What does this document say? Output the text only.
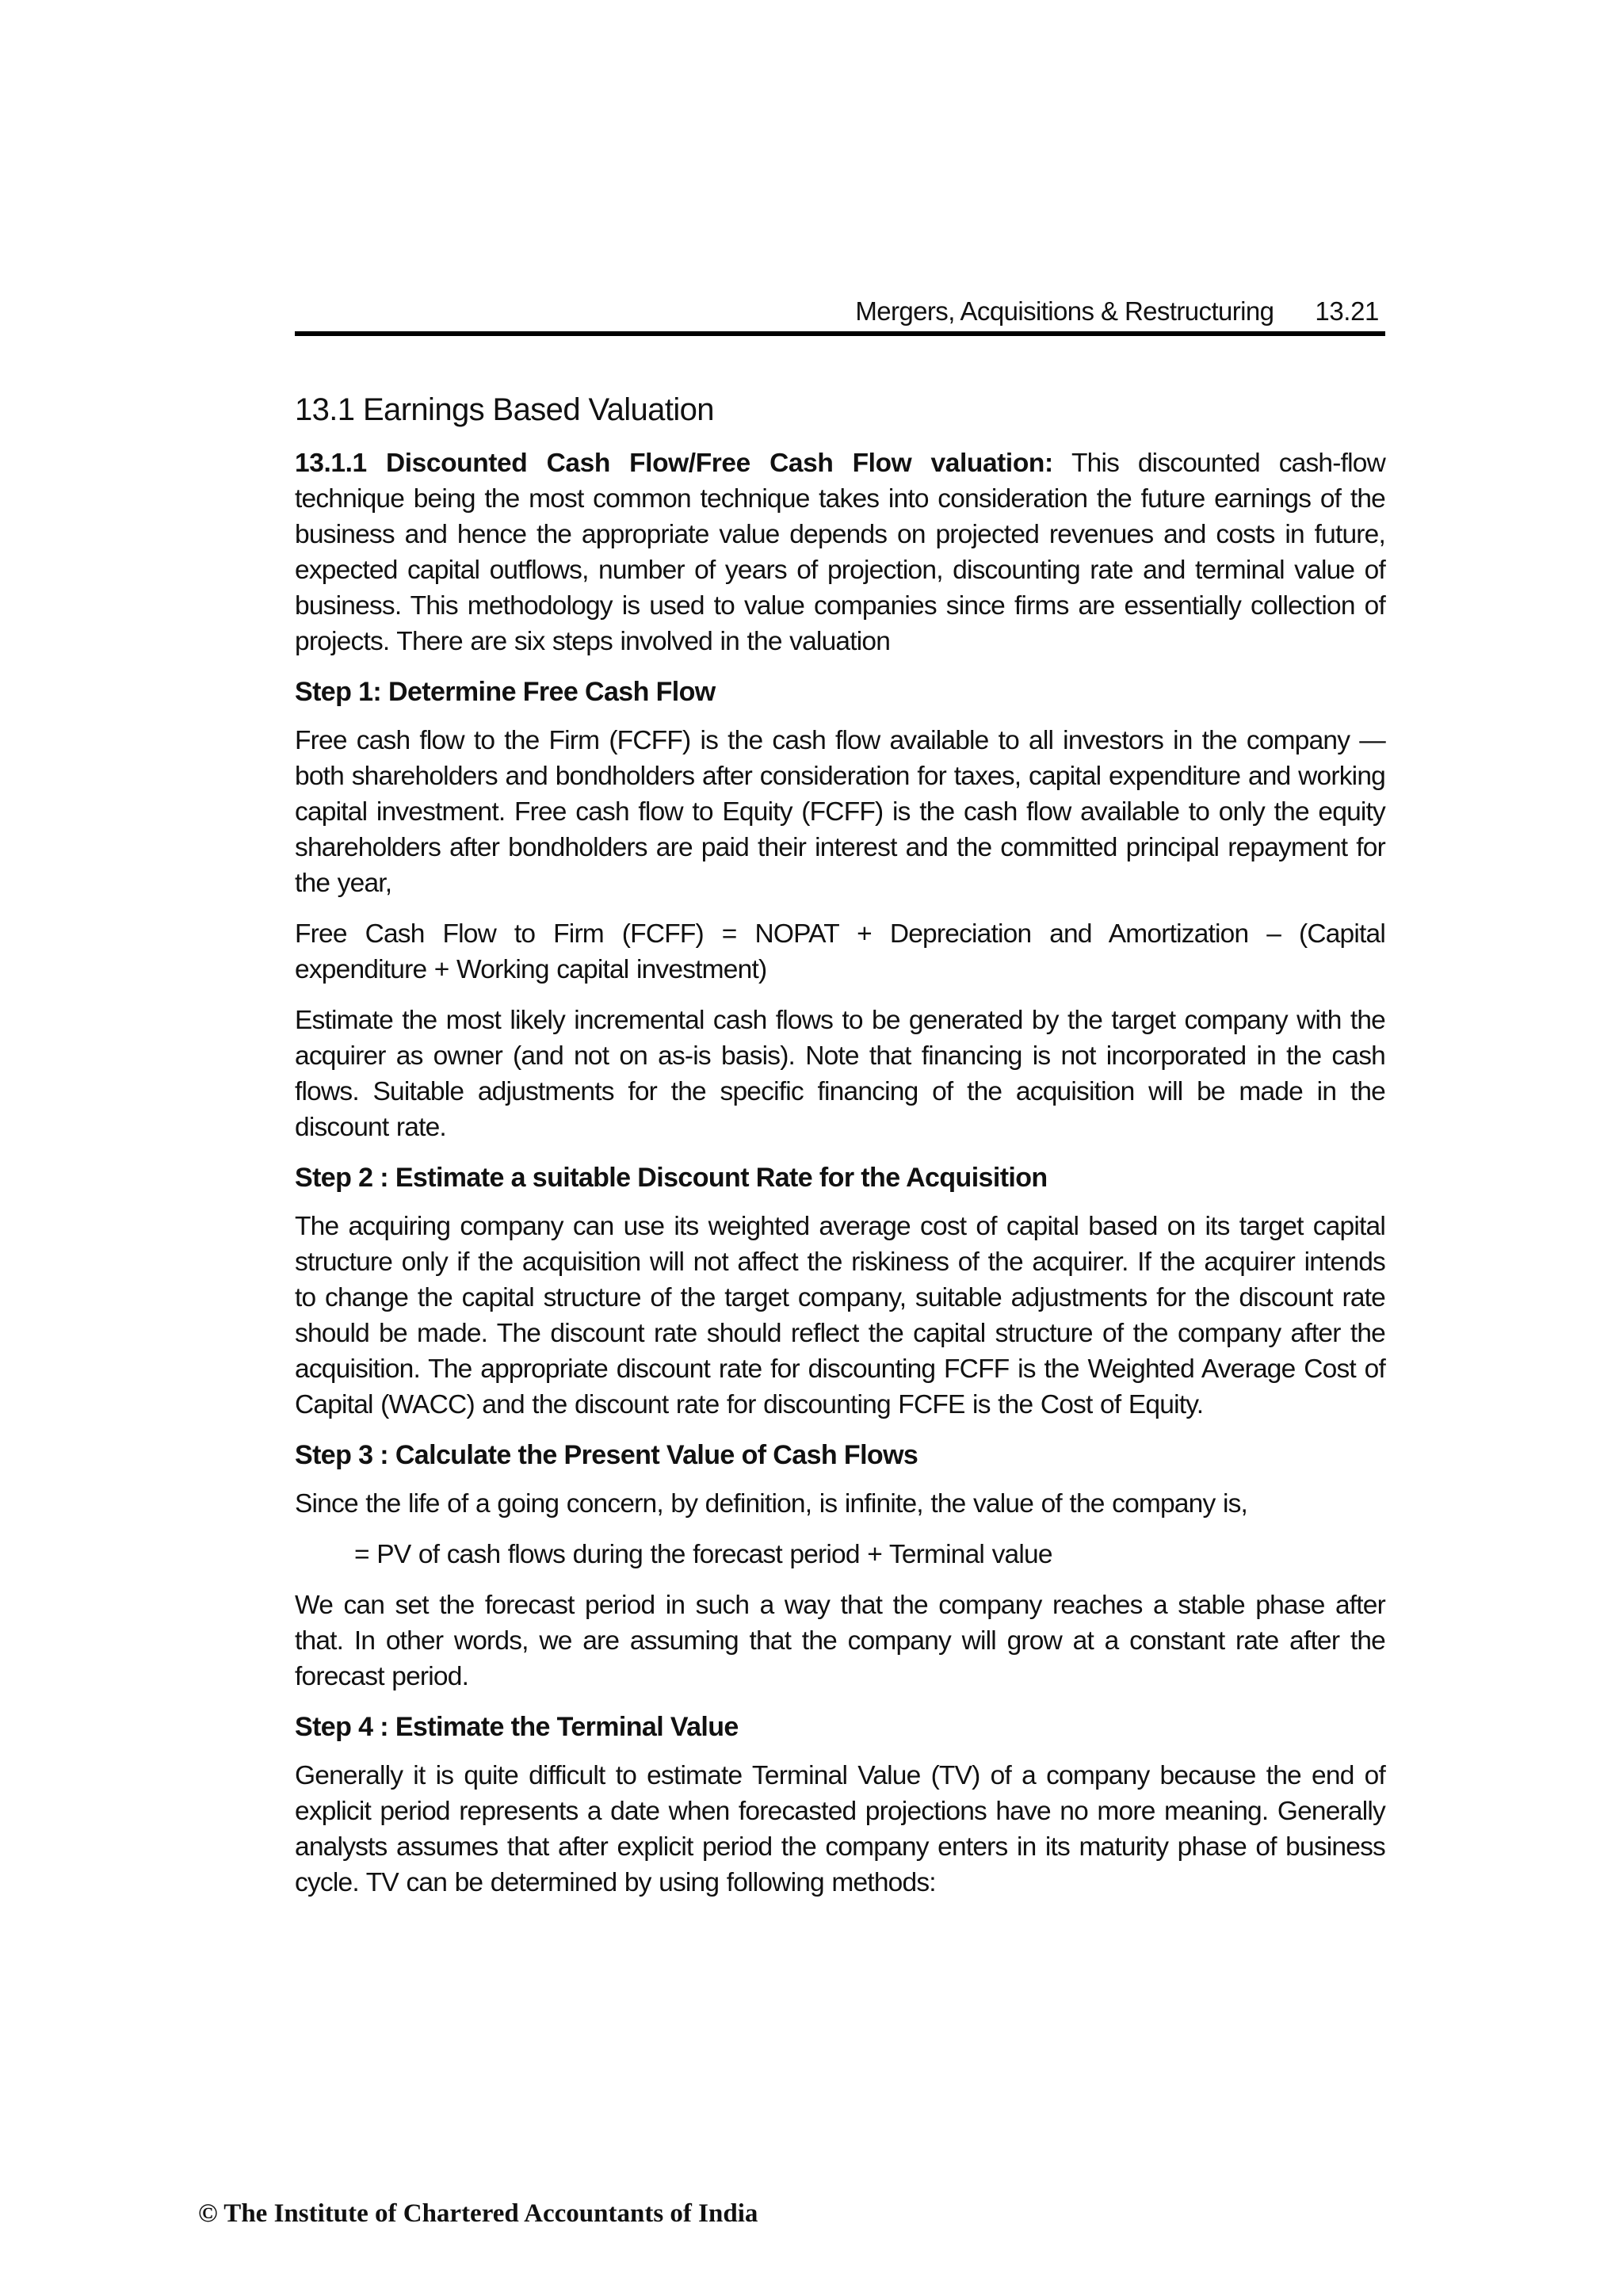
Mergers, Acquisitions & Restructuring 13.21
13.1 Earnings Based Valuation

13.1.1 Discounted Cash Flow/Free Cash Flow valuation: This discounted cash-flow technique being the most common technique takes into consideration the future earnings of the business and hence the appropriate value depends on projected revenues and costs in future, expected capital outflows, number of years of projection, discounting rate and terminal value of business. This methodology is used to value companies since firms are essentially collection of projects. There are six steps involved in the valuation

Step 1: Determine Free Cash Flow

Free cash flow to the Firm (FCFF) is the cash flow available to all investors in the company — both shareholders and bondholders after consideration for taxes, capital expenditure and working capital investment. Free cash flow to Equity (FCFF) is the cash flow available to only the equity shareholders after bondholders are paid their interest and the committed principal repayment for the year,

Free Cash Flow to Firm (FCFF) = NOPAT + Depreciation and Amortization – (Capital expenditure + Working capital investment)

Estimate the most likely incremental cash flows to be generated by the target company with the acquirer as owner (and not on as-is basis). Note that financing is not incorporated in the cash flows. Suitable adjustments for the specific financing of the acquisition will be made in the discount rate.

Step 2 : Estimate a suitable Discount Rate for the Acquisition

The acquiring company can use its weighted average cost of capital based on its target capital structure only if the acquisition will not affect the riskiness of the acquirer. If the acquirer intends to change the capital structure of the target company, suitable adjustments for the discount rate should be made. The discount rate should reflect the capital structure of the company after the acquisition. The appropriate discount rate for discounting FCFF is the Weighted Average Cost of Capital (WACC) and the discount rate for discounting FCFE is the Cost of Equity.

Step 3 : Calculate the Present Value of Cash Flows

Since the life of a going concern, by definition, is infinite, the value of the company is,

= PV of cash flows during the forecast period + Terminal value

We can set the forecast period in such a way that the company reaches a stable phase after that. In other words, we are assuming that the company will grow at a constant rate after the forecast period.

Step 4 : Estimate the Terminal Value

Generally it is quite difficult to estimate Terminal Value (TV) of a company because the end of explicit period represents a date when forecasted projections have no more meaning. Generally analysts assumes that after explicit period the company enters in its maturity phase of business cycle. TV can be determined by using following methods:

© The Institute of Chartered Accountants of India
